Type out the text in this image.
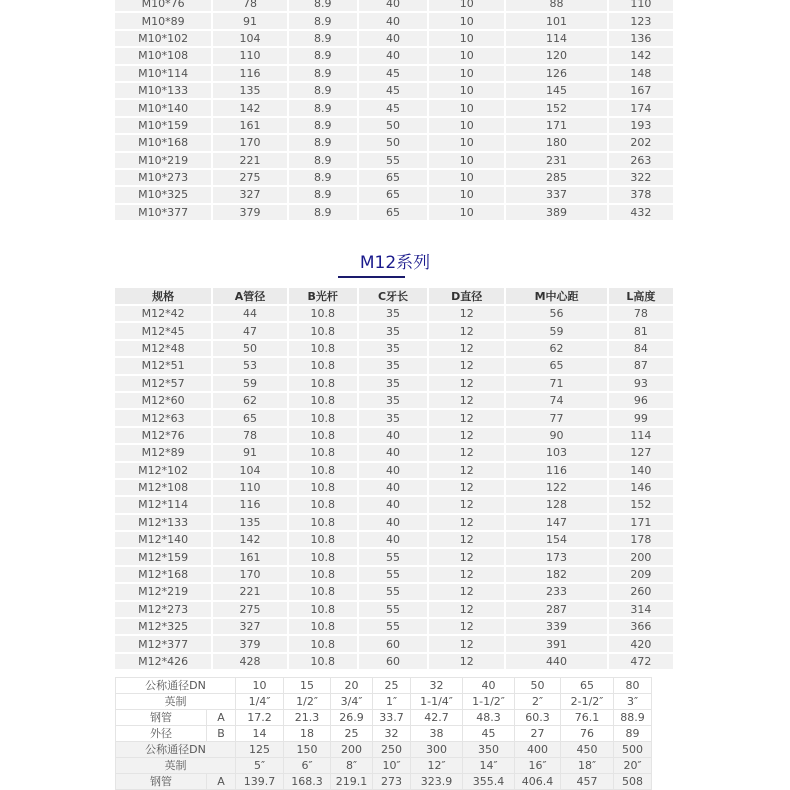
M10*76	78	8.9	40	10	88	110
M10*89	91	8.9	40	10	101	123
M10*102	104	8.9	40	10	114	136
M10*108	110	8.9	40	10	120	142
M10*114	116	8.9	45	10	126	148
M10*133	135	8.9	45	10	145	167
M10*140	142	8.9	45	10	152	174
M10*159	161	8.9	50	10	171	193
M10*168	170	8.9	50	10	180	202
M10*219	221	8.9	55	10	231	263
M10*273	275	8.9	65	10	285	322
M10*325	327	8.9	65	10	337	378
M10*377	379	8.9	65	10	389	432
M12系列
规格	A管径	B光杆	C牙长	D直径	M中心距	L高度
M12*42	44	10.8	35	12	56	78
M12*45	47	10.8	35	12	59	81
M12*48	50	10.8	35	12	62	84
M12*51	53	10.8	35	12	65	87
M12*57	59	10.8	35	12	71	93
M12*60	62	10.8	35	12	74	96
M12*63	65	10.8	35	12	77	99
M12*76	78	10.8	40	12	90	114
M12*89	91	10.8	40	12	103	127
M12*102	104	10.8	40	12	116	140
M12*108	110	10.8	40	12	122	146
M12*114	116	10.8	40	12	128	152
M12*133	135	10.8	40	12	147	171
M12*140	142	10.8	40	12	154	178
M12*159	161	10.8	55	12	173	200
M12*168	170	10.8	55	12	182	209
M12*219	221	10.8	55	12	233	260
M12*273	275	10.8	55	12	287	314
M12*325	327	10.8	55	12	339	366
M12*377	379	10.8	60	12	391	420
M12*426	428	10.8	60	12	440	472
公称通径DN		10	15	20	25	32	40	50	65	80
英制		1/4″	1/2″	3/4″	1″	1-1/4″	1-1/2″	2″	2-1/2″	3″
钢管	A	17.2	21.3	26.9	33.7	42.7	48.3	60.3	76.1	88.9
外径	B	14	18	25	32	38	45	27	76	89
公称通径DN		125	150	200	250	300	350	400	450	500
英制		5″	6″	8″	10″	12″	14″	16″	18″	20″
钢管	A	139.7	168.3	219.1	273	323.9	355.4	406.4	457	508
